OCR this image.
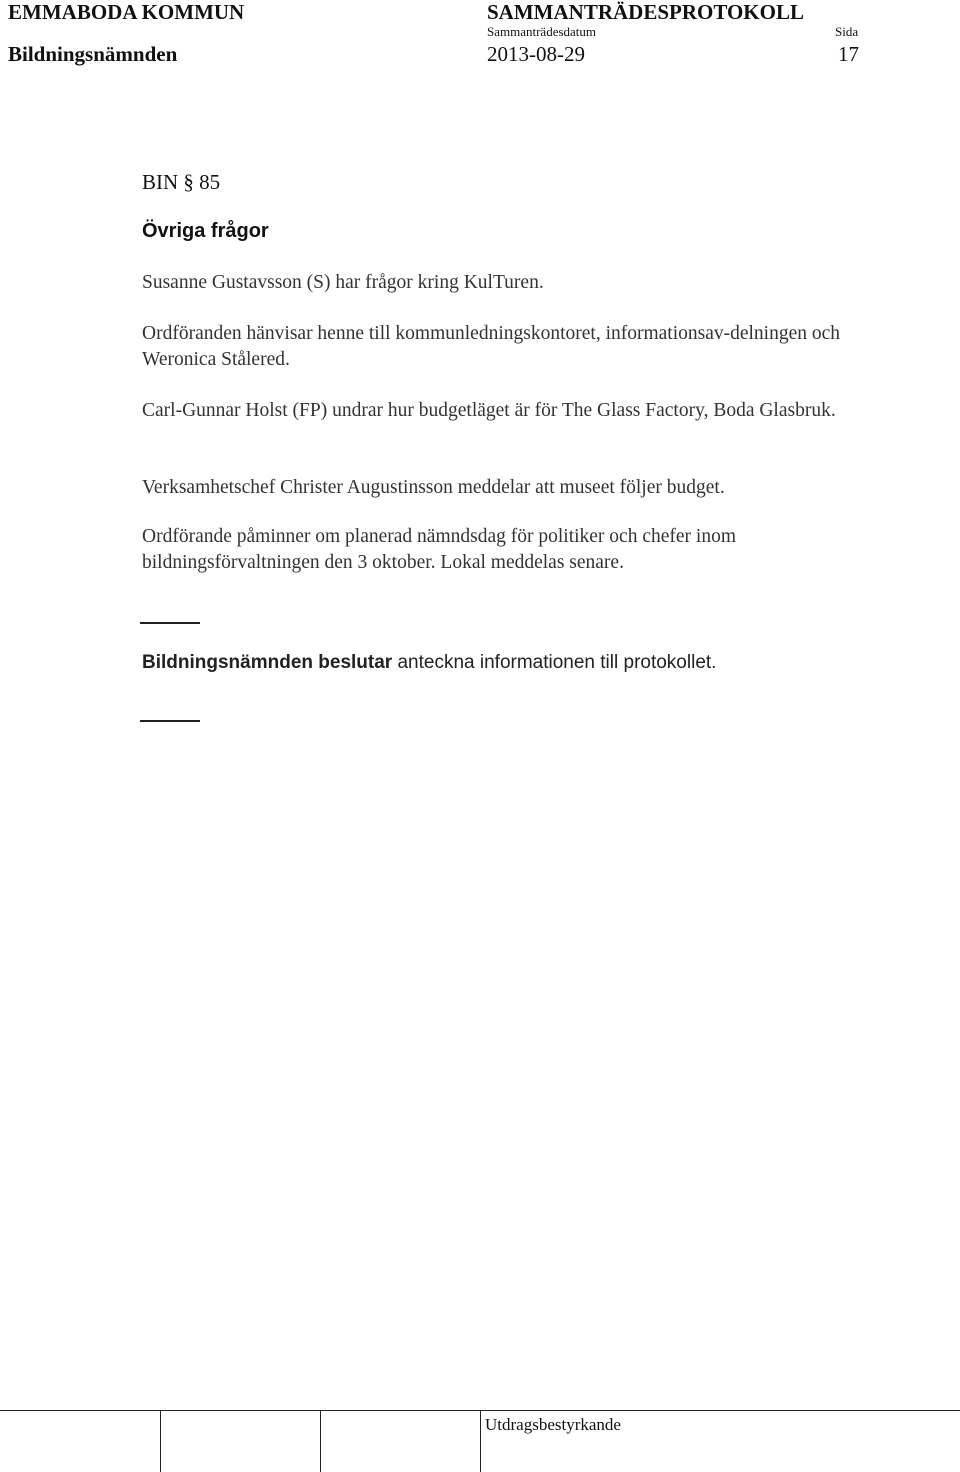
EMMABODA KOMMUN	SAMMANTRÄDESPROTOKOLL
Sammanträdesdatum	Sida
Bildningsnämnden	2013-08-29	17
BIN § 85
Övriga frågor

Susanne Gustavsson (S) har frågor kring KulTuren.

Ordföranden hänvisar henne till kommunledningskontoret, informationsav-delningen och Weronica Stålered.

Carl-Gunnar Holst (FP) undrar hur budgetläget är för The Glass Factory, Boda Glasbruk.

Verksamhetschef Christer Augustinsson meddelar att museet följer budget.

Ordförande påminner om planerad nämndsdag för politiker och chefer inom bildningsförvaltningen den 3 oktober. Lokal meddelas senare.

Bildningsnämnden beslutar anteckna informationen till protokollet.
Utdragsbestyrkande
